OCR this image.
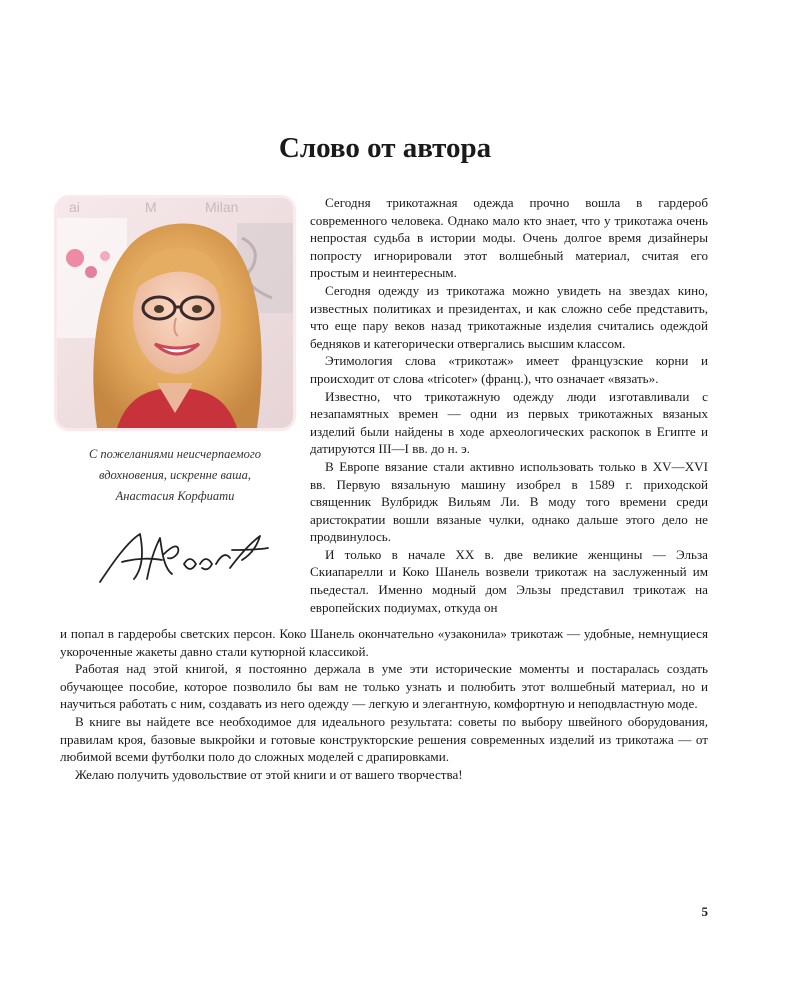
Слово от автора
ai	M	Milan
С пожеланиями неисчерпаемого
вдохновения, искренне ваша,
Анастасия Корфиати

Сегодня трикотажная одежда прочно вошла в гардероб современного человека. Однако мало кто знает, что у трикотажа очень непростая судьба в истории моды. Очень долгое время дизайнеры попросту игнорировали этот волшебный материал, считая его простым и неинтересным.

Сегодня одежду из трикотажа можно увидеть на звездах кино, известных политиках и президентах, и как сложно себе представить, что еще пару веков назад трикотажные изделия считались одеждой бедняков и категорически отвергались высшим классом.

Этимология слова «трикотаж» имеет французские корни и происходит от слова «tricoter» (франц.), что означает «вязать».

Известно, что трикотажную одежду люди изготавливали с незапамятных времен — одни из первых трикотажных вязаных изделий были найдены в ходе археологических раскопок в Египте и датируются III—I вв. до н. э.

В Европе вязание стали активно использовать только в XV—XVI вв. Первую вязальную машину изобрел в 1589 г. приходской священник Вулбридж Вильям Ли. В моду того времени среди аристократии вошли вязаные чулки, однако дальше этого дело не продвинулось.

И только в начале XX в. две великие женщины — Эльза Скиапарелли и Коко Шанель возвели трикотаж на заслуженный им пьедестал. Именно модный дом Эльзы представил трикотаж на европейских подиумах, откуда он

и попал в гардеробы светских персон. Коко Шанель окончательно «узаконила» трикотаж — удобные, немнущиеся укороченные жакеты давно стали кутюрной классикой.

Работая над этой книгой, я постоянно держала в уме эти исторические моменты и постаралась создать обучающее пособие, которое позволило бы вам не только узнать и полюбить этот волшебный материал, но и научиться работать с ним, создавать из него одежду — легкую и элегантную, комфортную и неподвластную моде.

В книге вы найдете все необходимое для идеального результата: советы по выбору швейного оборудования, правилам кроя, базовые выкройки и готовые конструкторские решения современных изделий из трикотажа — от любимой всеми футболки поло до сложных моделей с драпировками.

Желаю получить удовольствие от этой книги и от вашего творчества!

5
